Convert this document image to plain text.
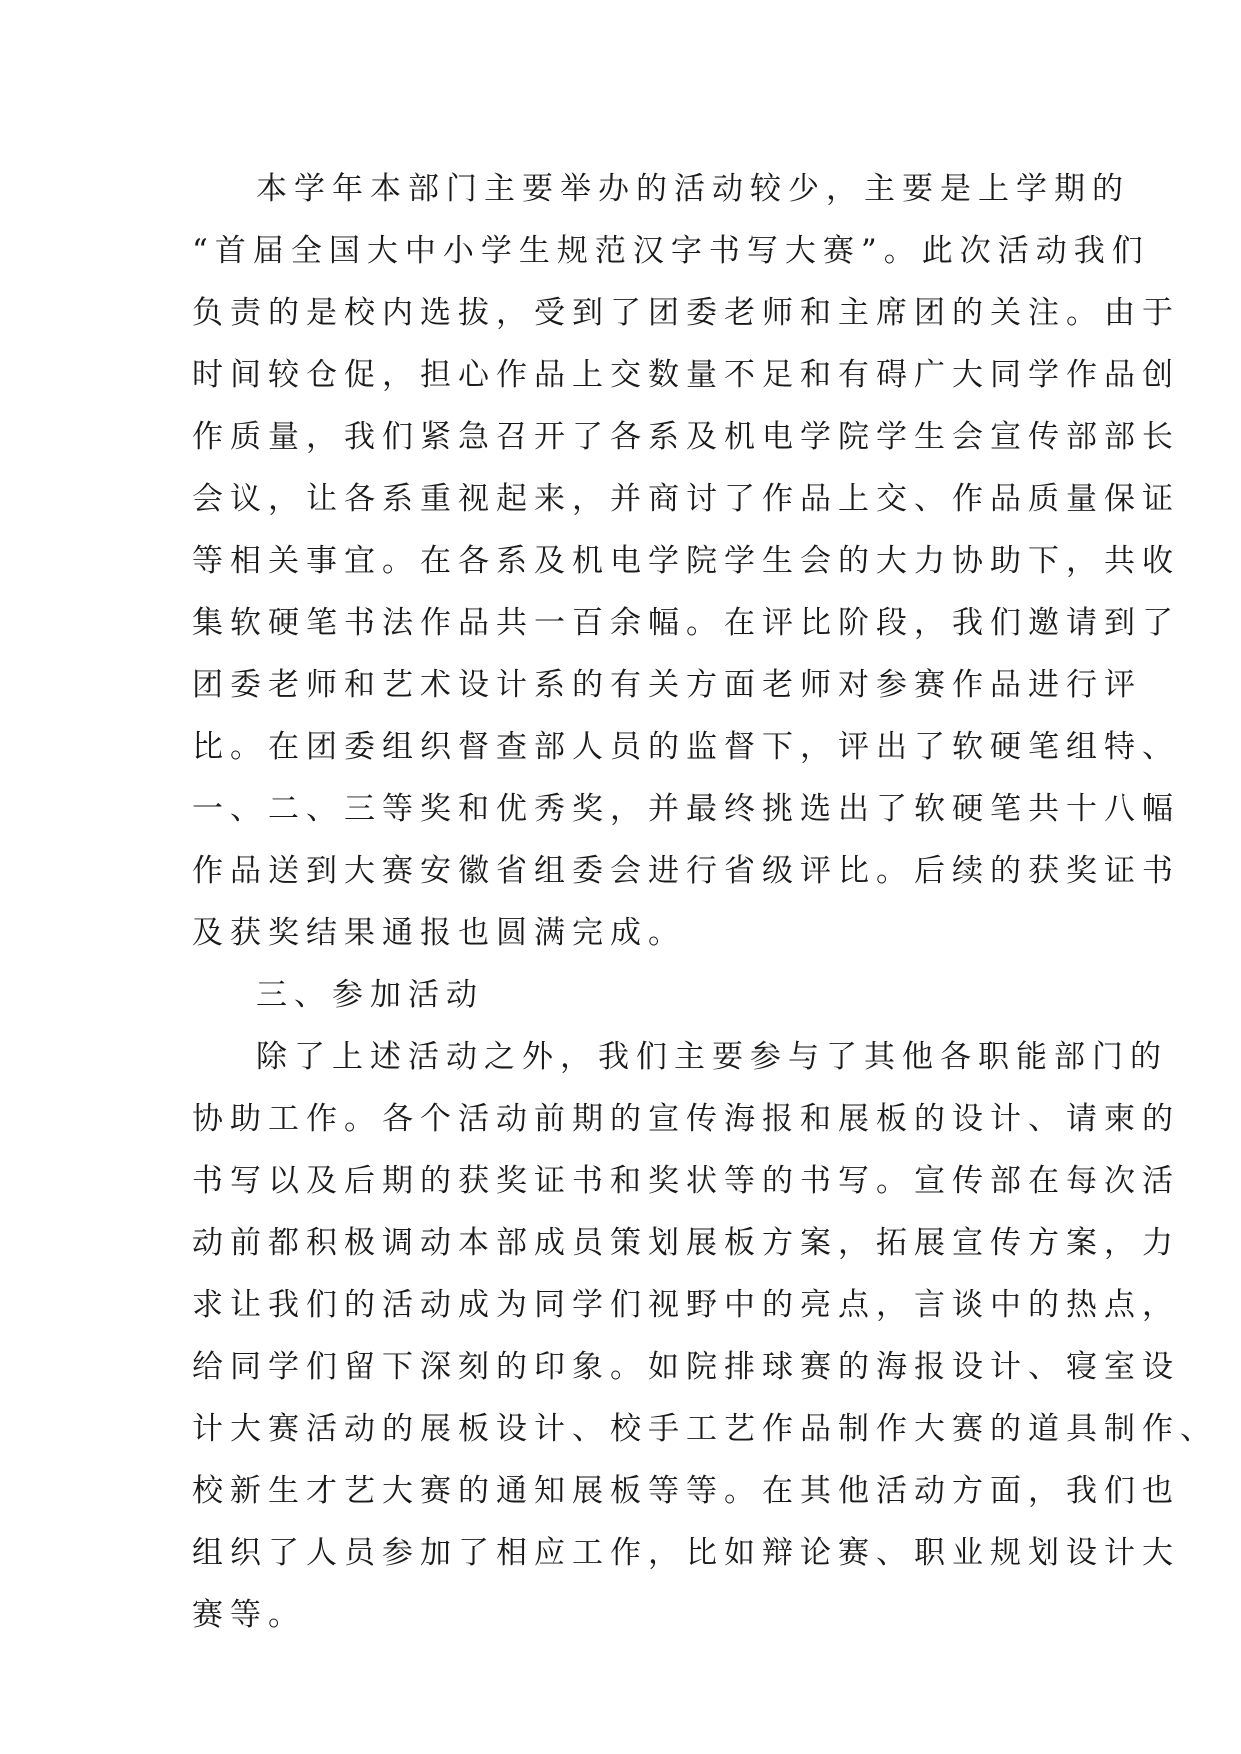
本学年本部门主要举办的活动较少，主要是上学期的
“首届全国大中小学生规范汉字书写大赛”。此次活动我们
负责的是校内选拔，受到了团委老师和主席团的关注。由于
时间较仓促，担心作品上交数量不足和有碍广大同学作品创
作质量，我们紧急召开了各系及机电学院学生会宣传部部长
会议，让各系重视起来，并商讨了作品上交、作品质量保证
等相关事宜。在各系及机电学院学生会的大力协助下，共收
集软硬笔书法作品共一百余幅。在评比阶段，我们邀请到了
团委老师和艺术设计系的有关方面老师对参赛作品进行评
比。在团委组织督查部人员的监督下，评出了软硬笔组特、
一、二、三等奖和优秀奖，并最终挑选出了软硬笔共十八幅
作品送到大赛安徽省组委会进行省级评比。后续的获奖证书
及获奖结果通报也圆满完成。
三、参加活动
除了上述活动之外，我们主要参与了其他各职能部门的
协助工作。各个活动前期的宣传海报和展板的设计、请柬的
书写以及后期的获奖证书和奖状等的书写。宣传部在每次活
动前都积极调动本部成员策划展板方案，拓展宣传方案，力
求让我们的活动成为同学们视野中的亮点，言谈中的热点，
给同学们留下深刻的印象。如院排球赛的海报设计、寝室设
计大赛活动的展板设计、校手工艺作品制作大赛的道具制作、
校新生才艺大赛的通知展板等等。在其他活动方面，我们也
组织了人员参加了相应工作，比如辩论赛、职业规划设计大
赛等。
